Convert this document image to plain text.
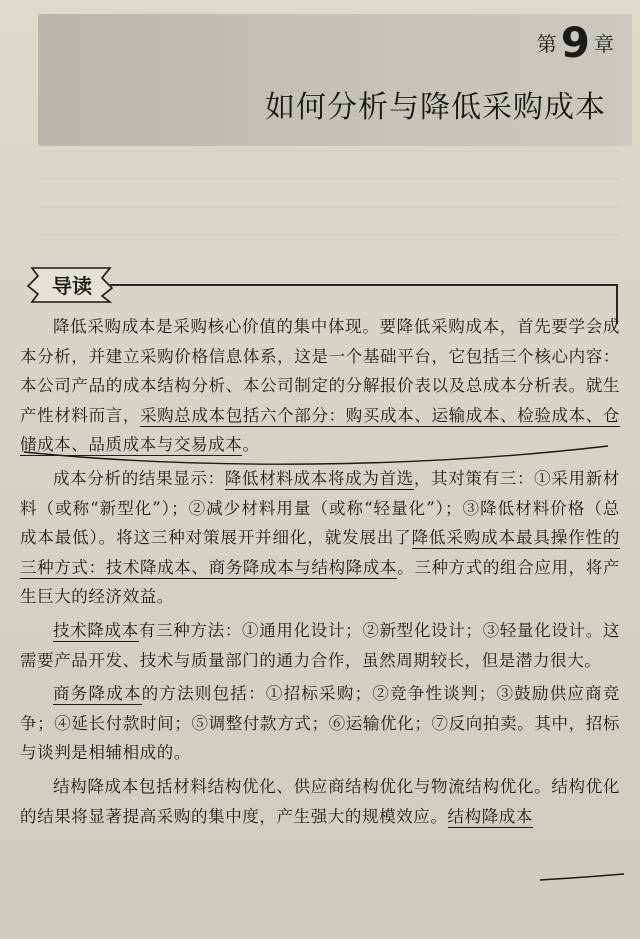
第9 章
如何分析与降低采购成本
导读

降低采购成本是采购核心价值的集中体现。要降低采购成本，首先要学会成本分析，并建立采购价格信息体系，这是一个基础平台，它包括三个核心内容：本公司产品的成本结构分析、本公司制定的分解报价表以及总成本分析表。就生产性材料而言，采购总成本包括六个部分：购买成本、运输成本、检验成本、仓储成本、品质成本与交易成本。

成本分析的结果显示：降低材料成本将成为首选，其对策有三：①采用新材料（或称“新型化”）；②减少材料用量（或称“轻量化”）；③降低材料价格（总成本最低）。将这三种对策展开并细化，就发展出了降低采购成本最具操作性的三种方式：技术降成本、商务降成本与结构降成本。三种方式的组合应用，将产生巨大的经济效益。

技术降成本有三种方法：①通用化设计；②新型化设计；③轻量化设计。这需要产品开发、技术与质量部门的通力合作，虽然周期较长，但是潜力很大。

商务降成本的方法则包括：①招标采购；②竞争性谈判；③鼓励供应商竞争；④延长付款时间；⑤调整付款方式；⑥运输优化；⑦反向拍卖。其中，招标与谈判是相辅相成的。

结构降成本包括材料结构优化、供应商结构优化与物流结构优化。结构优化的结果将显著提高采购的集中度，产生强大的规模效应。结构降成本
